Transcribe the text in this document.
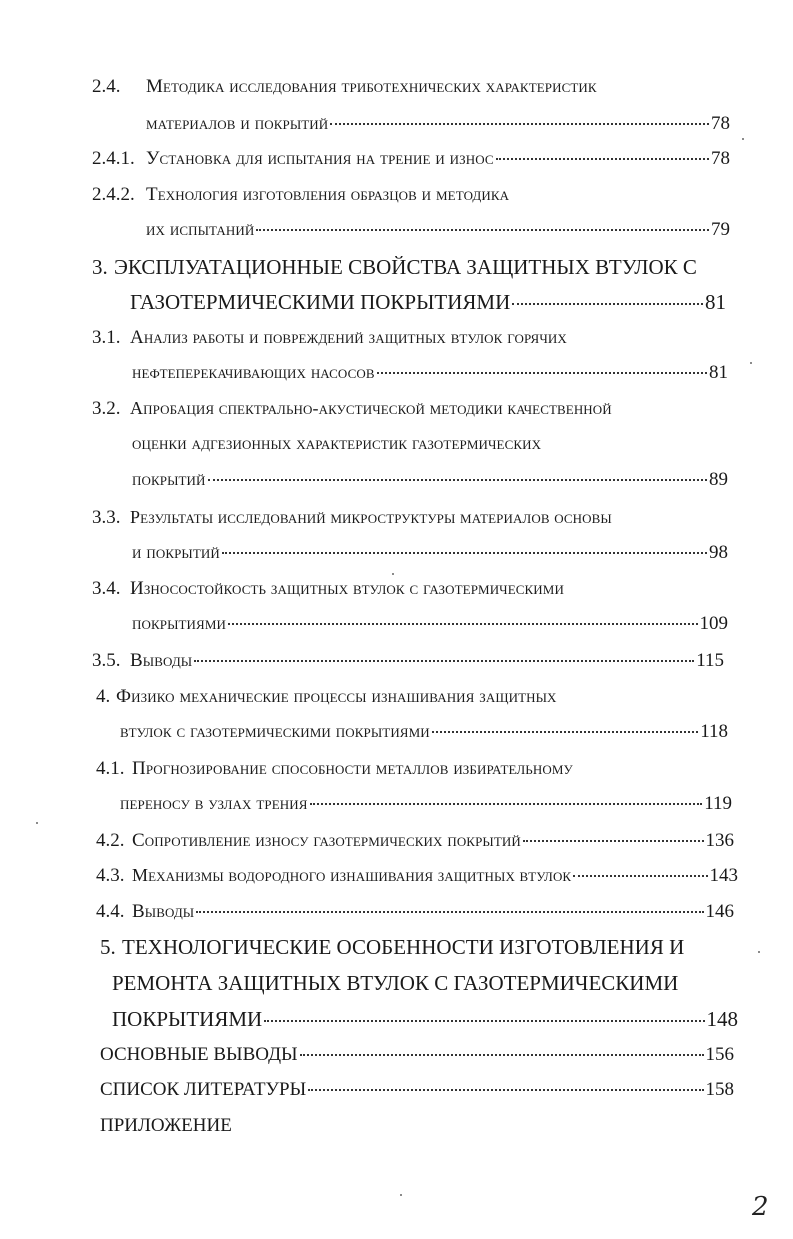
2.4.	Методика исследования триботехнических характеристик
материалов и покрытий	78
2.4.1. Установка для испытания на трение и износ	78
2.4.2. Технология изготовления образцов и методика
их испытаний	79
3. ЭКСПЛУАТАЦИОННЫЕ СВОЙСТВА ЗАЩИТНЫХ ВТУЛОК С
ГАЗОТЕРМИЧЕСКИМИ ПОКРЫТИЯМИ	81
3.1. Анализ работы и повреждений защитных втулок горячих
нефтеперекачивающих насосов	81
3.2. Апробация спектрально-акустической методики качественной
оценки адгезионных характеристик газотермических
покрытий	89
3.3. Результаты исследований микроструктуры материалов основы
и покрытий	98
3.4. Износостойкость защитных втулок с газотермическими
покрытиями	109
3.5. Выводы	115
4. Физико механические процессы изнашивания защитных
втулок с газотермическими покрытиями	118
4.1. Прогнозирование способности металлов избирательному
переносу в узлах трения	119
4.2. Сопротивление износу газотермических покрытий	136
4.3. Механизмы водородного изнашивания защитных втулок	143
4.4. Выводы	146
5. ТЕХНОЛОГИЧЕСКИЕ ОСОБЕННОСТИ ИЗГОТОВЛЕНИЯ И
РЕМОНТА ЗАЩИТНЫХ ВТУЛОК С ГАЗОТЕРМИЧЕСКИМИ
ПОКРЫТИЯМИ	148
ОСНОВНЫЕ ВЫВОДЫ	156
СПИСОК ЛИТЕРАТУРЫ	158
ПРИЛОЖЕНИЕ
2
